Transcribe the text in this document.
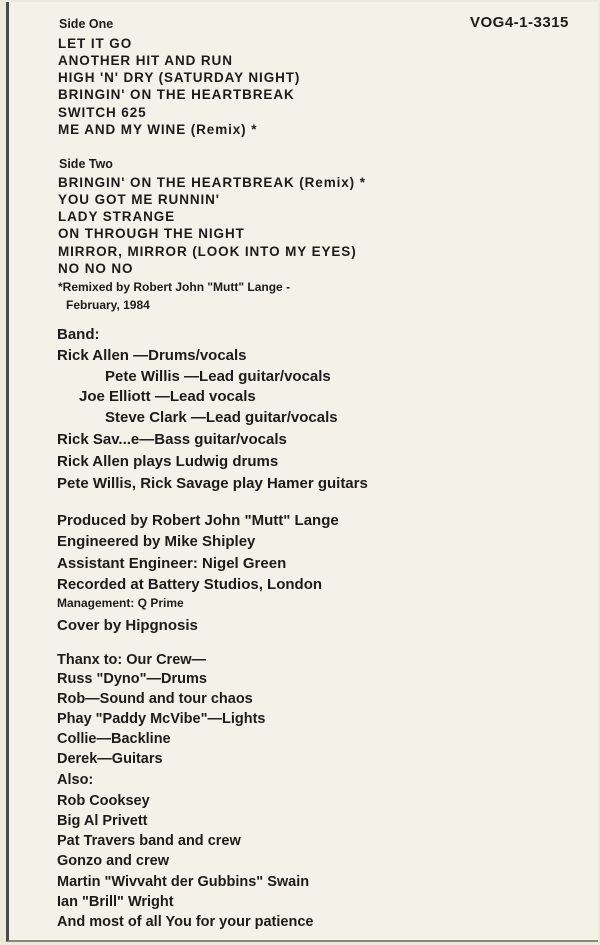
VOG4-1-3315
Side One
LET IT GO
ANOTHER HIT AND RUN
HIGH 'N' DRY (SATURDAY NIGHT)
BRINGIN' ON THE HEARTBREAK
SWITCH 625
ME AND MY WINE (Remix) *
Side Two
BRINGIN' ON THE HEARTBREAK (Remix) *
YOU GOT ME RUNNIN'
LADY STRANGE
ON THROUGH THE NIGHT
MIRROR, MIRROR (LOOK INTO MY EYES)
NO NO NO
*Remixed by Robert John "Mutt" Lange -
February, 1984
Band:
Rick Allen —Drums/vocals
Pete Willis —Lead guitar/vocals
Joe Elliott —Lead vocals
Steve Clark —Lead guitar/vocals
Rick Sav...e—Bass guitar/vocals
Rick Allen plays Ludwig drums
Pete Willis, Rick Savage play Hamer guitars
Produced by Robert John "Mutt" Lange
Engineered by Mike Shipley
Assistant Engineer: Nigel Green
Recorded at Battery Studios, London
Management: Q Prime
Cover by Hipgnosis
Thanx to: Our Crew—
Russ "Dyno"—Drums
Rob—Sound and tour chaos
Phay "Paddy McVibe"—Lights
Collie—Backline
Derek—Guitars
Also:
Rob Cooksey
Big Al Privett
Pat Travers band and crew
Gonzo and crew
Martin "Wivvaht der Gubbins" Swain
Ian "Brill" Wright
And most of all You for your patience
